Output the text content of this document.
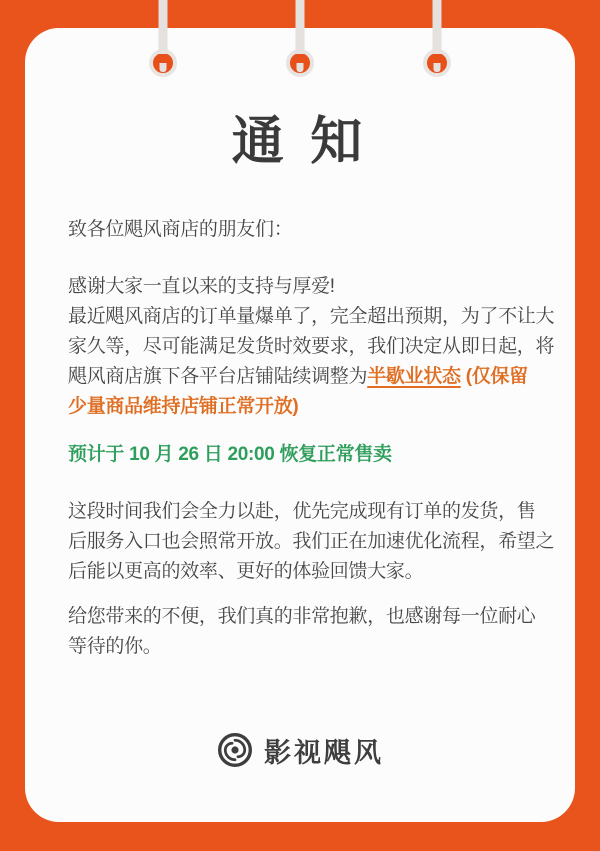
通 知
致各位飓风商店的朋友们：
感谢大家一直以来的支持与厚爱!
最近飓风商店的订单量爆单了，完全超出预期，为了不让大
家久等，尽可能满足发货时效要求，我们决定从即日起，将
飓风商店旗下各平台店铺陆续调整为半歇业状态 (仅保留
少量商品维持店铺正常开放)
预计于 10 月 26 日 20:00 恢复正常售卖
这段时间我们会全力以赴，优先完成现有订单的发货，售
后服务入口也会照常开放。我们正在加速优化流程，希望之
后能以更高的效率、更好的体验回馈大家。
给您带来的不便，我们真的非常抱歉，也感谢每一位耐心
等待的你。
影视飓风
